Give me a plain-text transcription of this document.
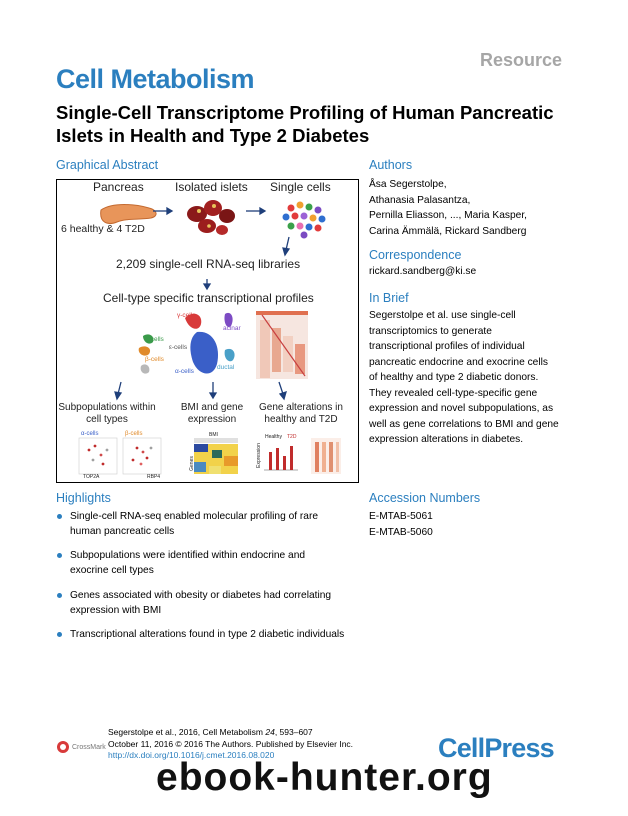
Resource
Cell Metabolism
Single-Cell Transcriptome Profiling of Human Pancreatic Islets in Health and Type 2 Diabetes
Graphical Abstract
Pancreas	Isolated islets Single cells
6 healthy & 4 T2D
2,209 single-cell RNA-seq libraries
Cell-type specific transcriptional profiles
γ-cells
acinar
δ-cells
ε-cells
β-cells
α-cells
ductal
Subpopulations within cell types
BMI and gene expression
Gene alterations in healthy and T2D
α-cells	β-cells
TOP2A	RBP4
BMI
Genes
Healthy T2D
Expression
Authors
Åsa Segerstolpe,
Athanasia Palasantza,
Pernilla Eliasson, ..., Maria Kasper,
Carina Ämmälä, Rickard Sandberg
Correspondence
rickard.sandberg@ki.se
In Brief
Segerstolpe et al. use single-cell
transcriptomics to generate
transcriptional profiles of individual
pancreatic endocrine and exocrine cells
of healthy and type 2 diabetic donors.
They revealed cell-type-specific gene
expression and novel subpopulations, as
well as gene correlations to BMI and gene
expression alterations in diabetes.
Highlights
Single-cell RNA-seq enabled molecular profiling of rare
human pancreatic cells
Subpopulations were identified within endocrine and
exocrine cell types
Genes associated with obesity or diabetes had correlating
expression with BMI
Transcriptional alterations found in type 2 diabetic individuals
Accession Numbers
E-MTAB-5061
E-MTAB-5060
CrossMark
Segerstolpe et al., 2016, Cell Metabolism 24, 593–607
October 11, 2016 © 2016 The Authors. Published by Elsevier Inc.
http://dx.doi.org/10.1016/j.cmet.2016.08.020	CellPress
ebook-hunter.org
